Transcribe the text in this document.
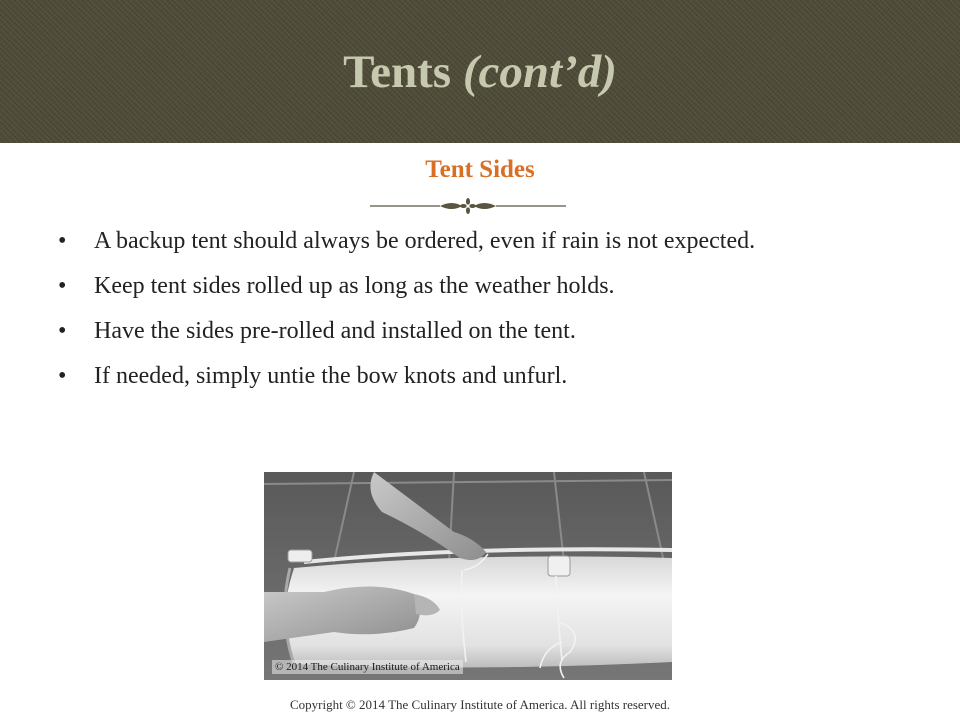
Tents (cont’d)
Tent Sides
• A backup tent should always be ordered, even if rain is not expected.
• Keep tent sides rolled up as long as the weather holds.
• Have the sides pre-rolled and installed on the tent.
• If needed, simply untie the bow knots and unfurl.
© 2014 The Culinary Institute of America
Copyright © 2014 The Culinary Institute of America. All rights reserved.
